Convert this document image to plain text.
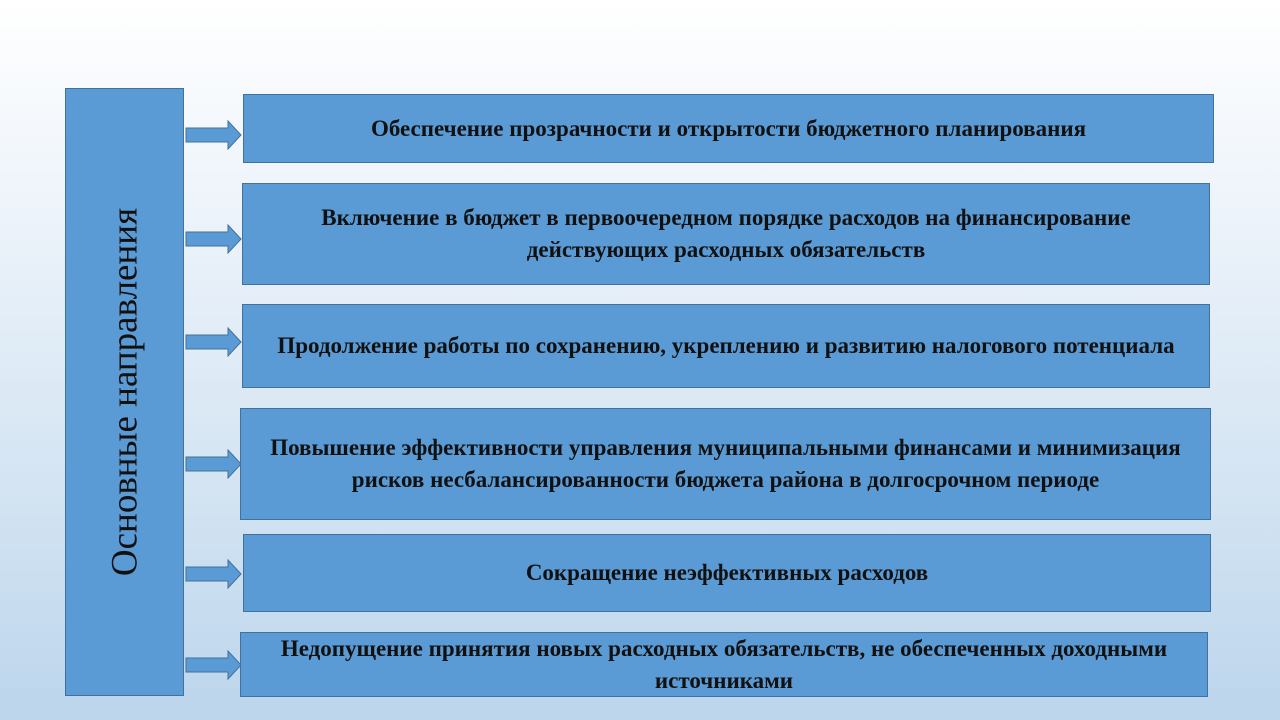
Основные направления
Обеспечение прозрачности и открытости бюджетного планирования
Включение в бюджет в первоочередном порядке расходов на финансирование действующих расходных обязательств
Продолжение работы по сохранению, укреплению и развитию налогового потенциала
Повышение эффективности управления муниципальными финансами и минимизация рисков несбалансированности бюджета района в долгосрочном периоде
Сокращение неэффективных расходов
Недопущение принятия новых расходных обязательств, не обеспеченных доходными источниками
